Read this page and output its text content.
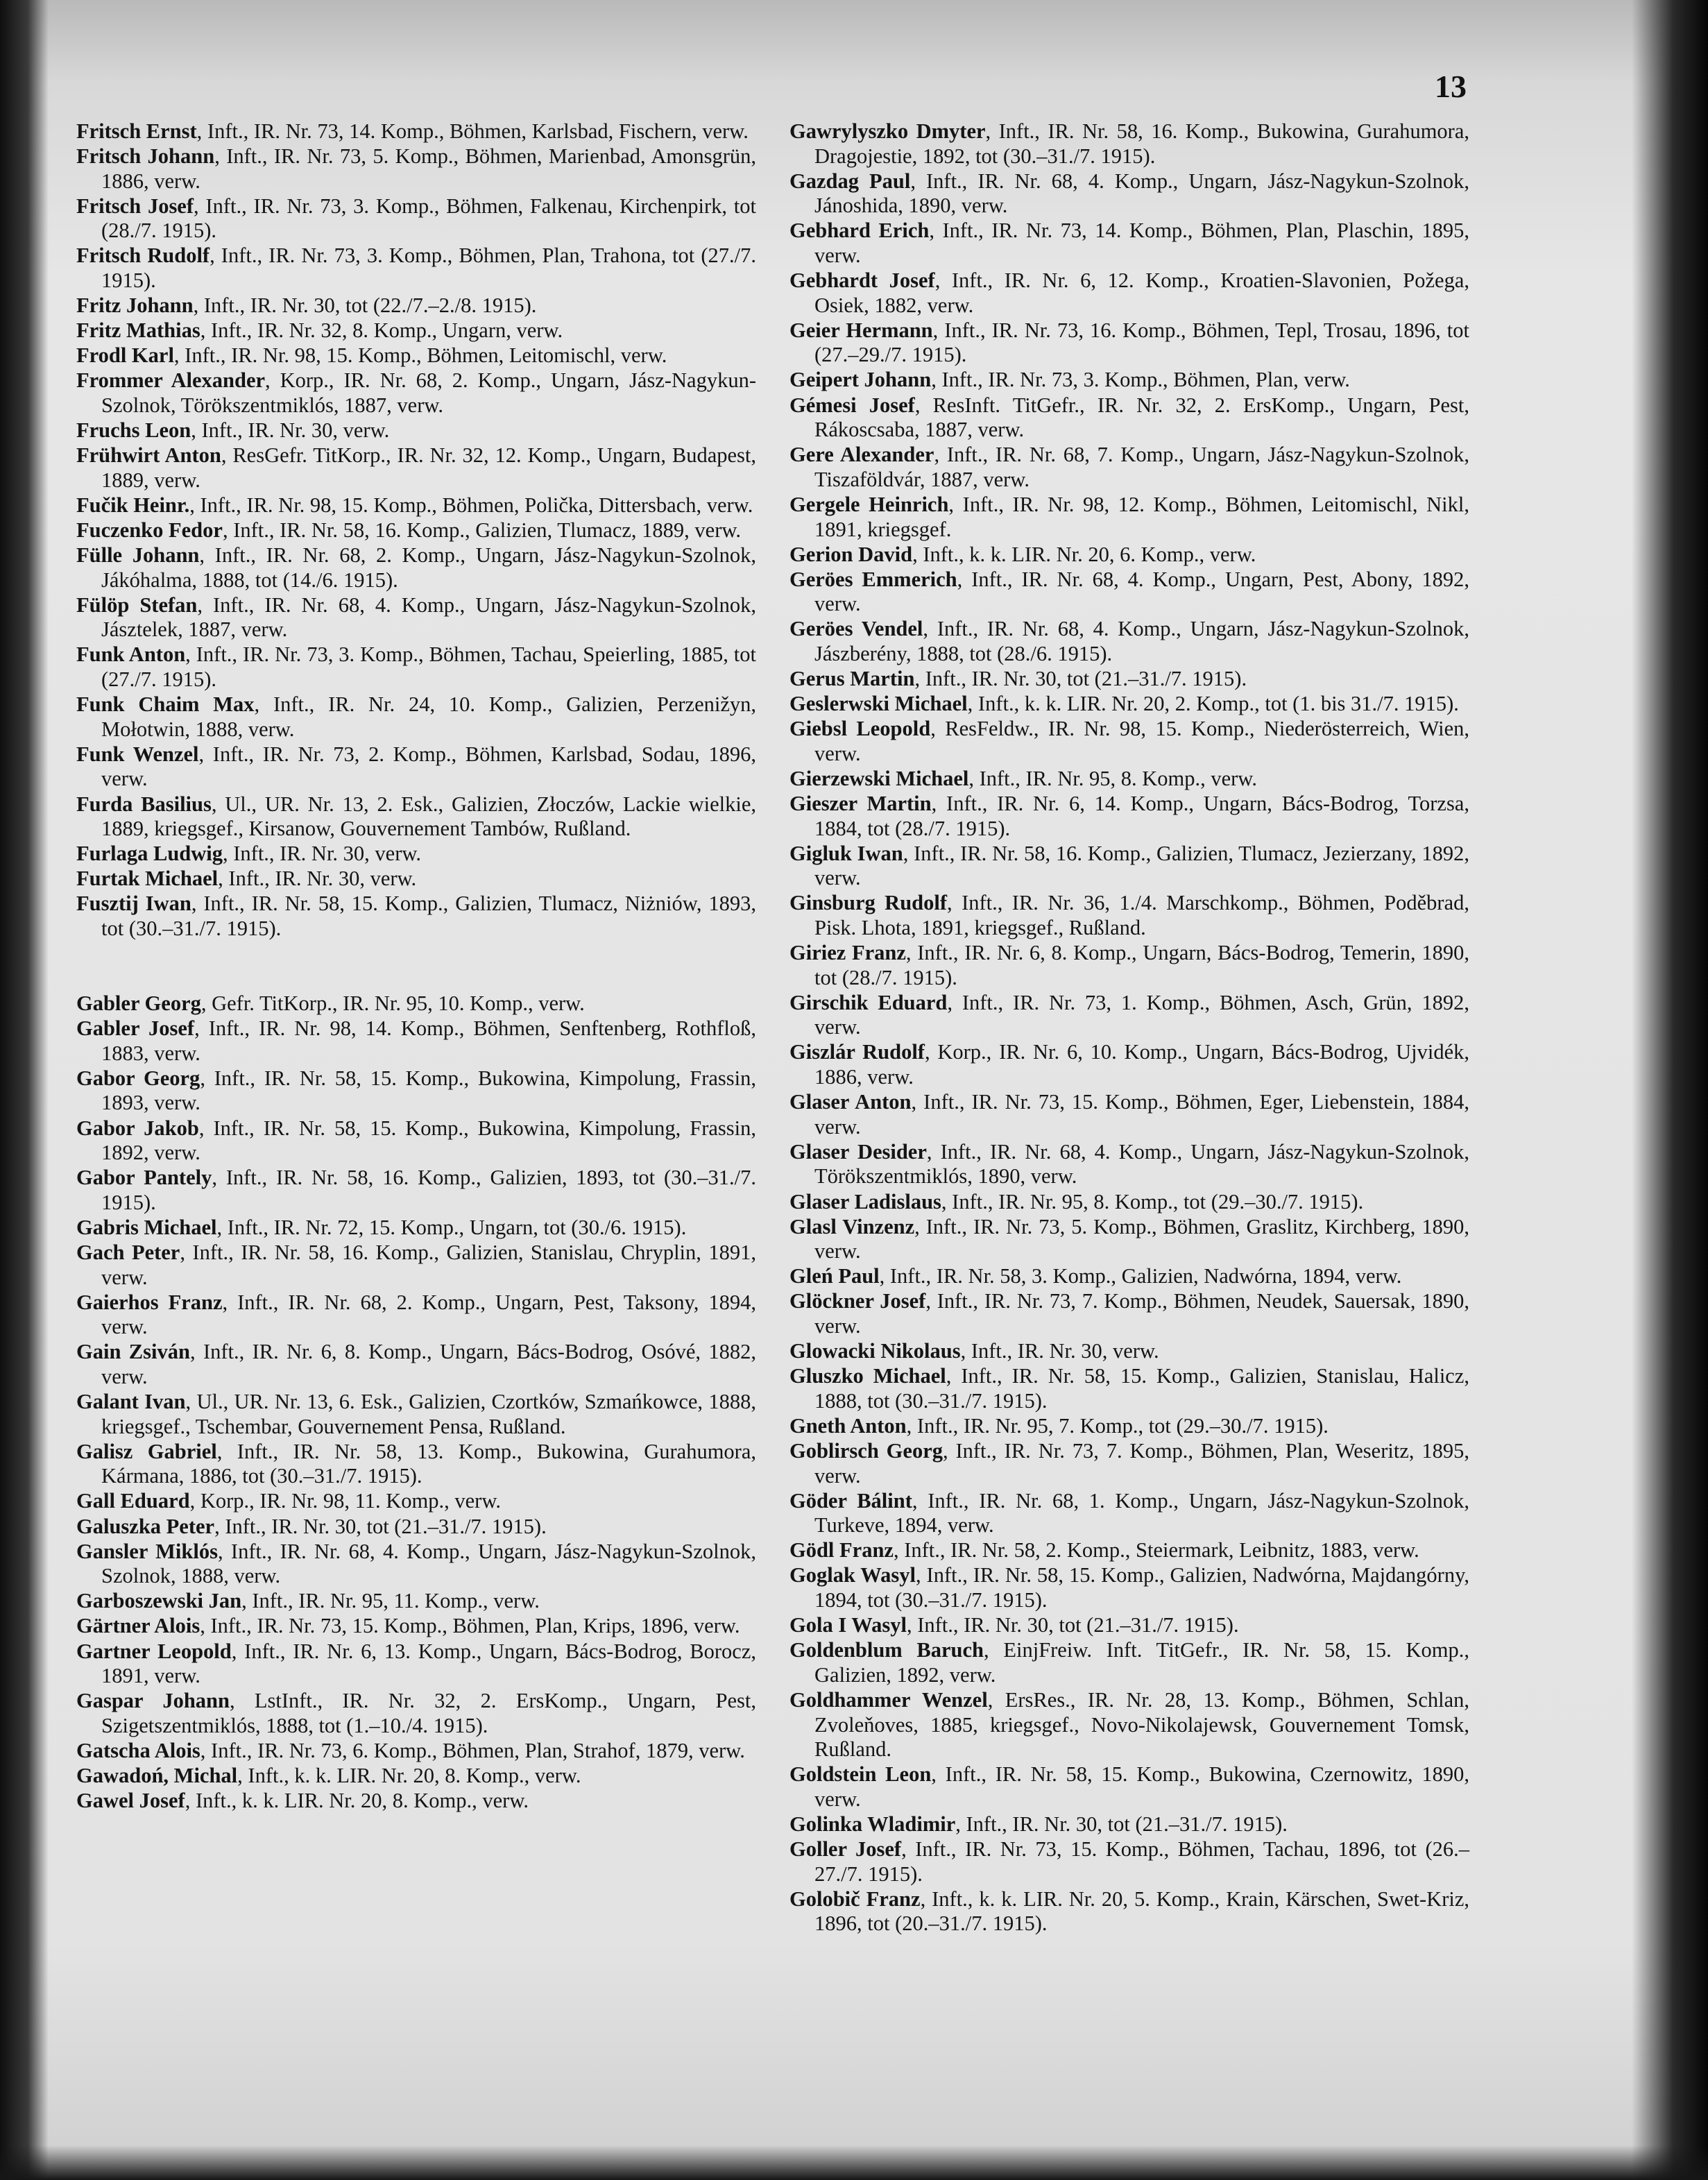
13
Fritsch Ernst, Inft., IR. Nr. 73, 14. Komp., Böhmen, Karlsbad, Fischern, verw.
Fritsch Johann, Inft., IR. Nr. 73, 5. Komp., Böhmen, Marienbad, Amonsgrün, 1886, verw.
Fritsch Josef, Inft., IR. Nr. 73, 3. Komp., Böhmen, Falkenau, Kirchenpirk, tot (28./7. 1915).
Fritsch Rudolf, Inft., IR. Nr. 73, 3. Komp., Böhmen, Plan, Trahona, tot (27./7. 1915).
Fritz Johann, Inft., IR. Nr. 30, tot (22./7.–2./8. 1915).
Fritz Mathias, Inft., IR. Nr. 32, 8. Komp., Ungarn, verw.
Frodl Karl, Inft., IR. Nr. 98, 15. Komp., Böhmen, Leitomischl, verw.
Frommer Alexander, Korp., IR. Nr. 68, 2. Komp., Ungarn, Jász-Nagykun-Szolnok, Törökszentmiklós, 1887, verw.
Fruchs Leon, Inft., IR. Nr. 30, verw.
Frühwirt Anton, ResGefr. TitKorp., IR. Nr. 32, 12. Komp., Ungarn, Budapest, 1889, verw.
Fučik Heinr., Inft., IR. Nr. 98, 15. Komp., Böhmen, Polička, Dittersbach, verw.
Fuczenko Fedor, Inft., IR. Nr. 58, 16. Komp., Galizien, Tlumacz, 1889, verw.
Fülle Johann, Inft., IR. Nr. 68, 2. Komp., Ungarn, Jász-Nagykun-Szolnok, Jákóhalma, 1888, tot (14./6. 1915).
Fülöp Stefan, Inft., IR. Nr. 68, 4. Komp., Ungarn, Jász-Nagykun-Szolnok, Jásztelek, 1887, verw.
Funk Anton, Inft., IR. Nr. 73, 3. Komp., Böhmen, Tachau, Speierling, 1885, tot (27./7. 1915).
Funk Chaim Max, Inft., IR. Nr. 24, 10. Komp., Galizien, Perzenižyn, Mołotwin, 1888, verw.
Funk Wenzel, Inft., IR. Nr. 73, 2. Komp., Böhmen, Karlsbad, Sodau, 1896, verw.
Furda Basilius, Ul., UR. Nr. 13, 2. Esk., Galizien, Złoczów, Lackie wielkie, 1889, kriegsgef., Kirsanow, Gouvernement Tambów, Rußland.
Furlaga Ludwig, Inft., IR. Nr. 30, verw.
Furtak Michael, Inft., IR. Nr. 30, verw.
Fusztij Iwan, Inft., IR. Nr. 58, 15. Komp., Galizien, Tlumacz, Niżniów, 1893, tot (30.–31./7. 1915).
Gabler Georg, Gefr. TitKorp., IR. Nr. 95, 10. Komp., verw.
Gabler Josef, Inft., IR. Nr. 98, 14. Komp., Böhmen, Senftenberg, Rothfloß, 1883, verw.
Gabor Georg, Inft., IR. Nr. 58, 15. Komp., Bukowina, Kimpolung, Frassin, 1893, verw.
Gabor Jakob, Inft., IR. Nr. 58, 15. Komp., Bukowina, Kimpolung, Frassin, 1892, verw.
Gabor Pantely, Inft., IR. Nr. 58, 16. Komp., Galizien, 1893, tot (30.–31./7. 1915).
Gabris Michael, Inft., IR. Nr. 72, 15. Komp., Ungarn, tot (30./6. 1915).
Gach Peter, Inft., IR. Nr. 58, 16. Komp., Galizien, Stanislau, Chryplin, 1891, verw.
Gaierhos Franz, Inft., IR. Nr. 68, 2. Komp., Ungarn, Pest, Taksony, 1894, verw.
Gain Zsiván, Inft., IR. Nr. 6, 8. Komp., Ungarn, Bács-Bodrog, Osóvé, 1882, verw.
Galant Ivan, Ul., UR. Nr. 13, 6. Esk., Galizien, Czortków, Szmańkowce, 1888, kriegsgef., Tschembar, Gouvernement Pensa, Rußland.
Galisz Gabriel, Inft., IR. Nr. 58, 13. Komp., Bukowina, Gurahumora, Kármana, 1886, tot (30.–31./7. 1915).
Gall Eduard, Korp., IR. Nr. 98, 11. Komp., verw.
Galuszka Peter, Inft., IR. Nr. 30, tot (21.–31./7. 1915).
Gansler Miklós, Inft., IR. Nr. 68, 4. Komp., Ungarn, Jász-Nagykun-Szolnok, Szolnok, 1888, verw.
Garboszewski Jan, Inft., IR. Nr. 95, 11. Komp., verw.
Gärtner Alois, Inft., IR. Nr. 73, 15. Komp., Böhmen, Plan, Krips, 1896, verw.
Gartner Leopold, Inft., IR. Nr. 6, 13. Komp., Ungarn, Bács-Bodrog, Borocz, 1891, verw.
Gaspar Johann, LstInft., IR. Nr. 32, 2. ErsKomp., Ungarn, Pest, Szigetszentmiklós, 1888, tot (1.–10./4. 1915).
Gatscha Alois, Inft., IR. Nr. 73, 6. Komp., Böhmen, Plan, Strahof, 1879, verw.
Gawadoń, Michal, Inft., k. k. LIR. Nr. 20, 8. Komp., verw.
Gawel Josef, Inft., k. k. LIR. Nr. 20, 8. Komp., verw.
Gawrylyszko Dmyter, Inft., IR. Nr. 58, 16. Komp., Bukowina, Gurahumora, Dragojestie, 1892, tot (30.–31./7. 1915).
Gazdag Paul, Inft., IR. Nr. 68, 4. Komp., Ungarn, Jász-Nagykun-Szolnok, Jánoshida, 1890, verw.
Gebhard Erich, Inft., IR. Nr. 73, 14. Komp., Böhmen, Plan, Plaschin, 1895, verw.
Gebhardt Josef, Inft., IR. Nr. 6, 12. Komp., Kroatien-Slavonien, Požega, Osiek, 1882, verw.
Geier Hermann, Inft., IR. Nr. 73, 16. Komp., Böhmen, Tepl, Trosau, 1896, tot (27.–29./7. 1915).
Geipert Johann, Inft., IR. Nr. 73, 3. Komp., Böhmen, Plan, verw.
Gémesi Josef, ResInft. TitGefr., IR. Nr. 32, 2. ErsKomp., Ungarn, Pest, Rákoscsaba, 1887, verw.
Gere Alexander, Inft., IR. Nr. 68, 7. Komp., Ungarn, Jász-Nagykun-Szolnok, Tiszaföldvár, 1887, verw.
Gergele Heinrich, Inft., IR. Nr. 98, 12. Komp., Böhmen, Leitomischl, Nikl, 1891, kriegsgef.
Gerion David, Inft., k. k. LIR. Nr. 20, 6. Komp., verw.
Geröes Emmerich, Inft., IR. Nr. 68, 4. Komp., Ungarn, Pest, Abony, 1892, verw.
Geröes Vendel, Inft., IR. Nr. 68, 4. Komp., Ungarn, Jász-Nagykun-Szolnok, Jászberény, 1888, tot (28./6. 1915).
Gerus Martin, Inft., IR. Nr. 30, tot (21.–31./7. 1915).
Geslerwski Michael, Inft., k. k. LIR. Nr. 20, 2. Komp., tot (1. bis 31./7. 1915).
Giebsl Leopold, ResFeldw., IR. Nr. 98, 15. Komp., Niederösterreich, Wien, verw.
Gierzewski Michael, Inft., IR. Nr. 95, 8. Komp., verw.
Gieszer Martin, Inft., IR. Nr. 6, 14. Komp., Ungarn, Bács-Bodrog, Torzsa, 1884, tot (28./7. 1915).
Gigluk Iwan, Inft., IR. Nr. 58, 16. Komp., Galizien, Tlumacz, Jezierzany, 1892, verw.
Ginsburg Rudolf, Inft., IR. Nr. 36, 1./4. Marschkomp., Böhmen, Poděbrad, Pisk. Lhota, 1891, kriegsgef., Rußland.
Giriez Franz, Inft., IR. Nr. 6, 8. Komp., Ungarn, Bács-Bodrog, Temerin, 1890, tot (28./7. 1915).
Girschik Eduard, Inft., IR. Nr. 73, 1. Komp., Böhmen, Asch, Grün, 1892, verw.
Giszlár Rudolf, Korp., IR. Nr. 6, 10. Komp., Ungarn, Bács-Bodrog, Ujvidék, 1886, verw.
Glaser Anton, Inft., IR. Nr. 73, 15. Komp., Böhmen, Eger, Liebenstein, 1884, verw.
Glaser Desider, Inft., IR. Nr. 68, 4. Komp., Ungarn, Jász-Nagykun-Szolnok, Törökszentmiklós, 1890, verw.
Glaser Ladislaus, Inft., IR. Nr. 95, 8. Komp., tot (29.–30./7. 1915).
Glasl Vinzenz, Inft., IR. Nr. 73, 5. Komp., Böhmen, Graslitz, Kirchberg, 1890, verw.
Gleń Paul, Inft., IR. Nr. 58, 3. Komp., Galizien, Nadwórna, 1894, verw.
Glöckner Josef, Inft., IR. Nr. 73, 7. Komp., Böhmen, Neudek, Sauersak, 1890, verw.
Glowacki Nikolaus, Inft., IR. Nr. 30, verw.
Gluszko Michael, Inft., IR. Nr. 58, 15. Komp., Galizien, Stanislau, Halicz, 1888, tot (30.–31./7. 1915).
Gneth Anton, Inft., IR. Nr. 95, 7. Komp., tot (29.–30./7. 1915).
Goblirsch Georg, Inft., IR. Nr. 73, 7. Komp., Böhmen, Plan, Weseritz, 1895, verw.
Göder Bálint, Inft., IR. Nr. 68, 1. Komp., Ungarn, Jász-Nagykun-Szolnok, Turkeve, 1894, verw.
Gödl Franz, Inft., IR. Nr. 58, 2. Komp., Steiermark, Leibnitz, 1883, verw.
Goglak Wasyl, Inft., IR. Nr. 58, 15. Komp., Galizien, Nadwórna, Majdangórny, 1894, tot (30.–31./7. 1915).
Gola I Wasyl, Inft., IR. Nr. 30, tot (21.–31./7. 1915).
Goldenblum Baruch, EinjFreiw. Inft. TitGefr., IR. Nr. 58, 15. Komp., Galizien, 1892, verw.
Goldhammer Wenzel, ErsRes., IR. Nr. 28, 13. Komp., Böhmen, Schlan, Zvoleňoves, 1885, kriegsgef., Novo-Nikolajewsk, Gouvernement Tomsk, Rußland.
Goldstein Leon, Inft., IR. Nr. 58, 15. Komp., Bukowina, Czernowitz, 1890, verw.
Golinka Wladimir, Inft., IR. Nr. 30, tot (21.–31./7. 1915).
Goller Josef, Inft., IR. Nr. 73, 15. Komp., Böhmen, Tachau, 1896, tot (26.–27./7. 1915).
Golobič Franz, Inft., k. k. LIR. Nr. 20, 5. Komp., Krain, Kärschen, Swet-Kriz, 1896, tot (20.–31./7. 1915).
